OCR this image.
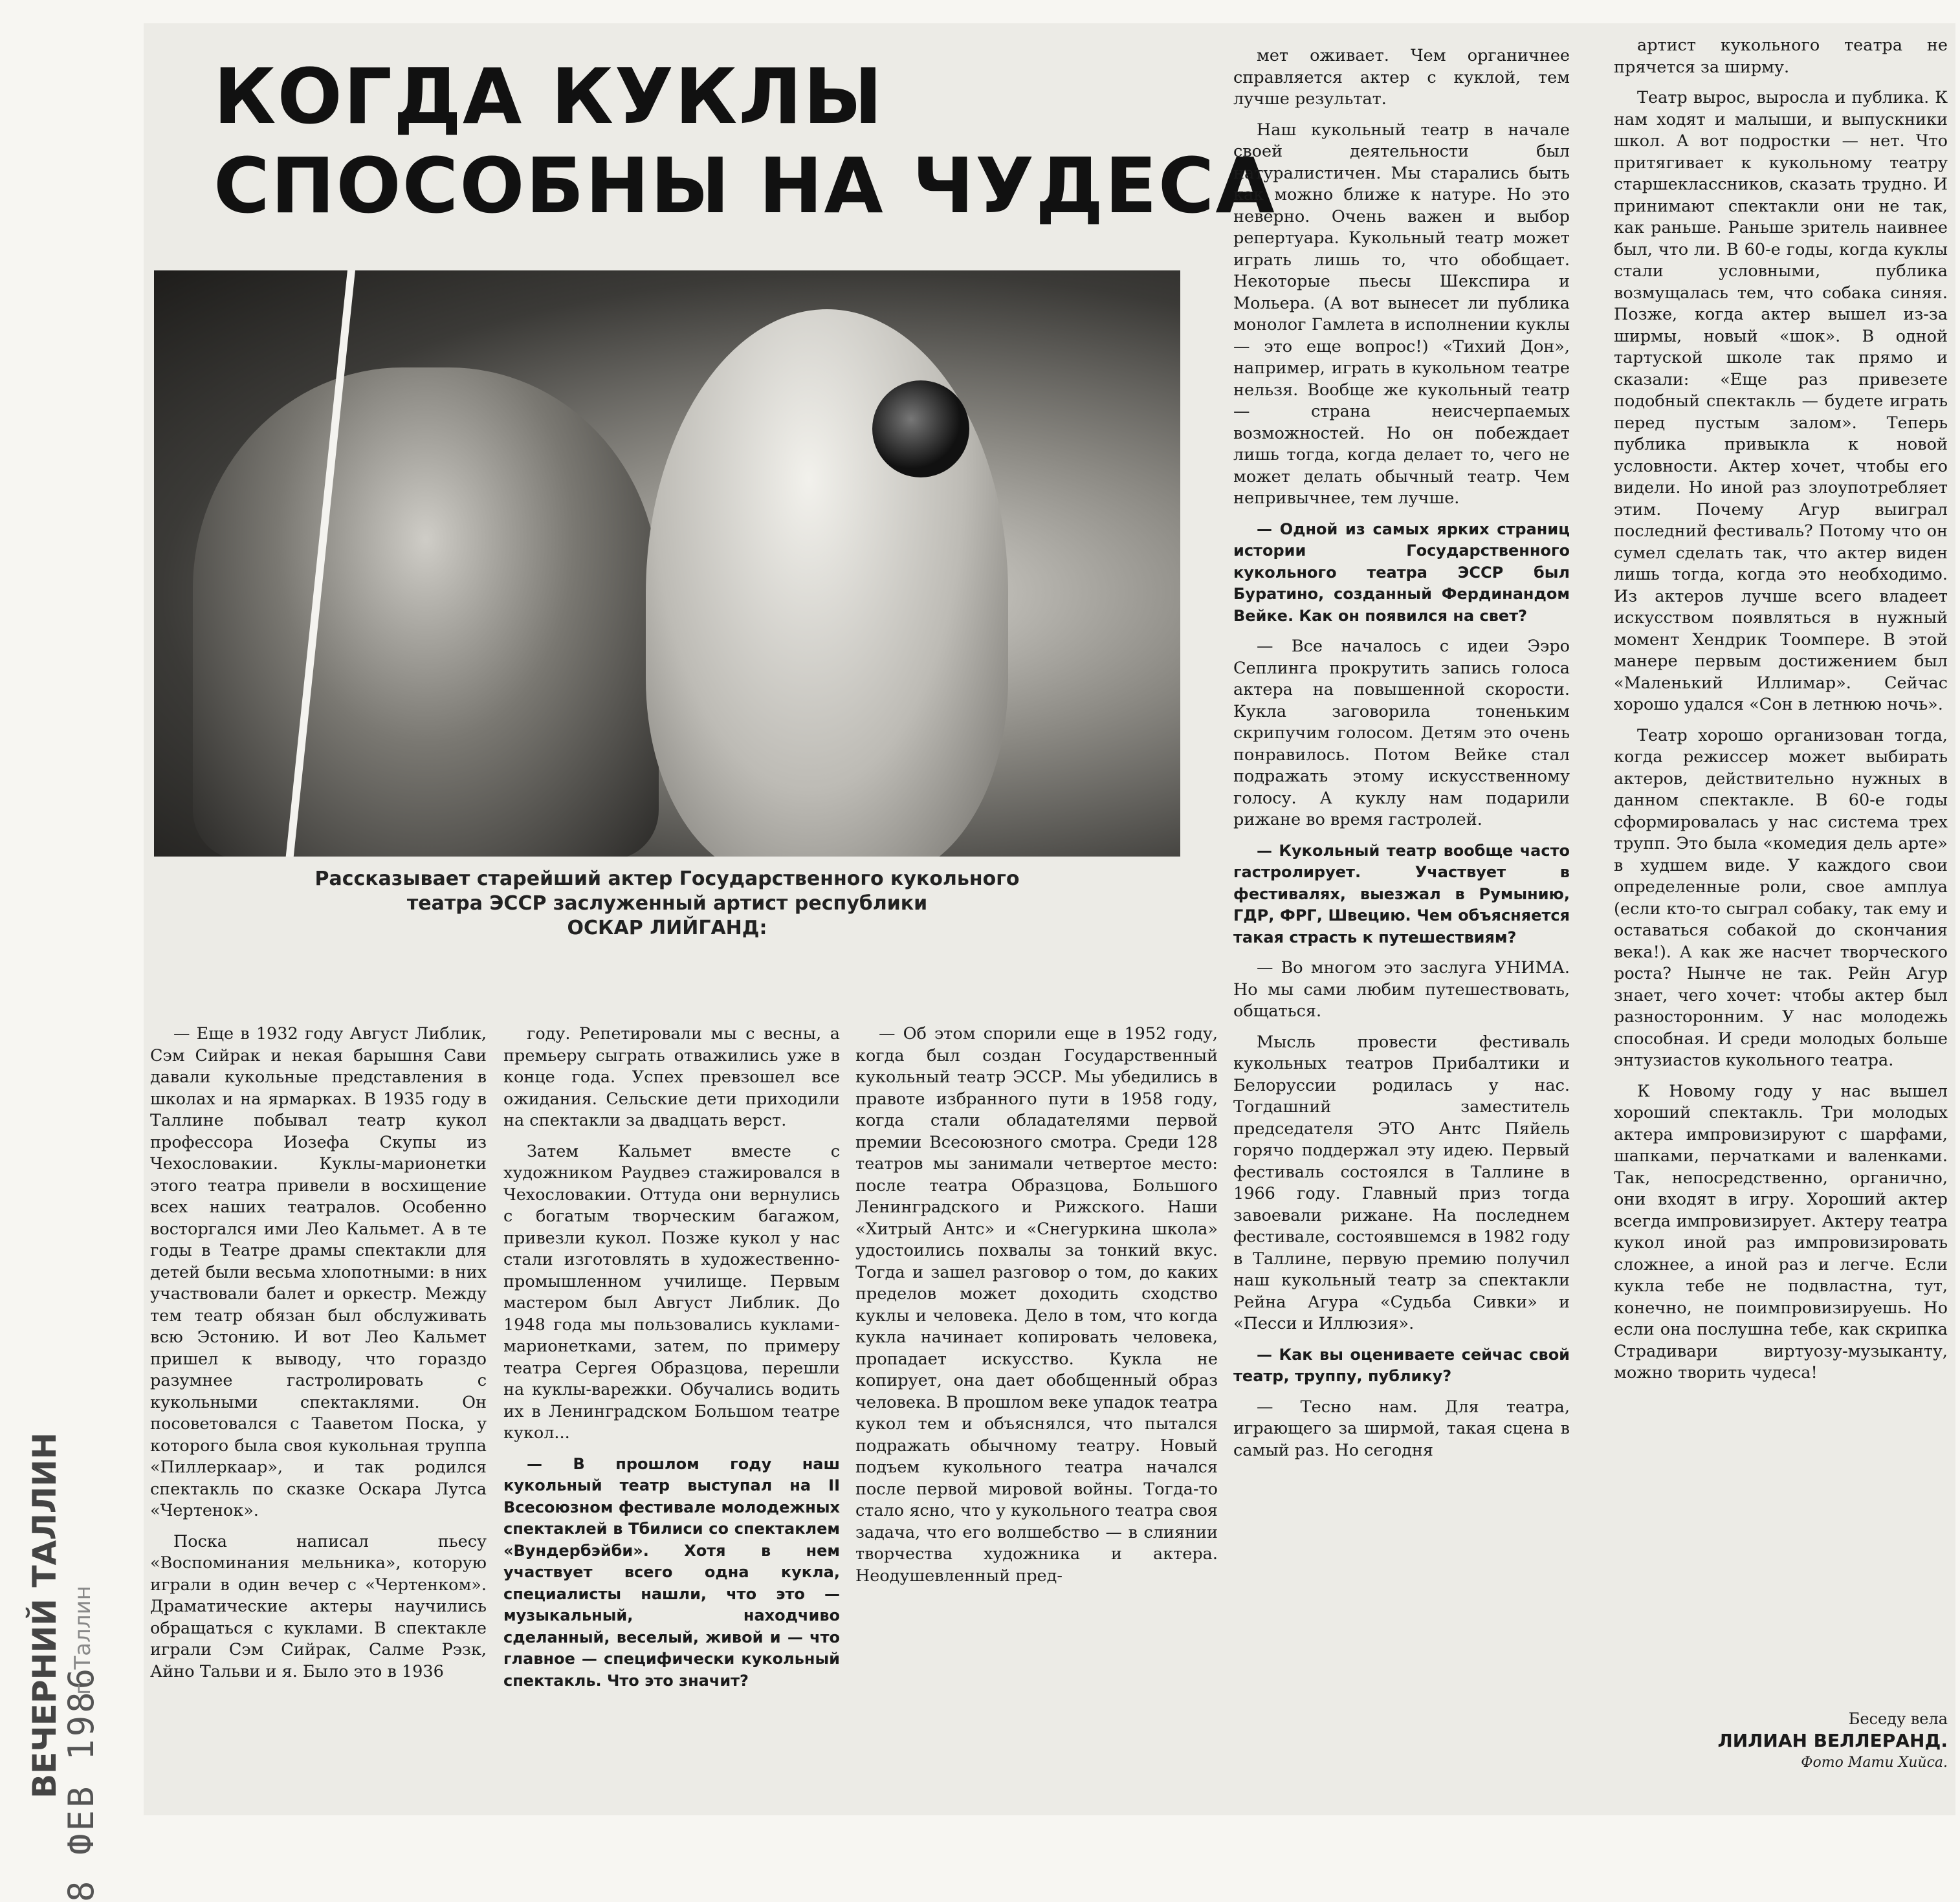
8 ФЕВ 1986
ВЕЧЕРНИЙ ТАЛЛИН г. Таллин
КОГДА КУКЛЫ
СПОСОБНЫ НА ЧУДЕСА
Рассказывает старейший актер Государственного кукольного
театра ЭССР заслуженный артист республики
ОСКАР ЛИЙГАНД:

— Еще в 1932 году Август Либлик, Сэм Сийрак и некая барышня Сави давали кукольные представления в школах и на ярмарках. В 1935 году в Таллине побывал театр кукол профессора Иозефа Скупы из Чехословакии. Куклы-марионетки этого театра привели в восхищение всех наших театралов. Особенно восторгался ими Лео Кальмет. А в те годы в Театре драмы спектакли для детей были весьма хлопотными: в них участвовали балет и оркестр. Между тем театр обязан был обслуживать всю Эстонию. И вот Лео Кальмет пришел к выводу, что гораздо разумнее гастролировать с кукольными спектаклями. Он посоветовался с Тааветом Поска, у которого была своя кукольная труппа «Пиллеркаар», и так родился спектакль по сказке Оскара Лутса «Чертенок».

Поска написал пьесу «Воспоминания мельника», которую играли в один вечер с «Чертенком». Драматические актеры научились обращаться с куклами. В спектакле играли Сэм Сийрак, Салме Рэзк, Айно Тальви и я. Было это в 1936

году. Репетировали мы с весны, а премьеру сыграть отважились уже в конце года. Успех превзошел все ожидания. Сельские дети приходили на спектакли за двадцать верст.

Затем Кальмет вместе с художником Раудвеэ стажировался в Чехословакии. Оттуда они вернулись с богатым творческим багажом, привезли кукол. Позже кукол у нас стали изготовлять в художественно-промышленном училище. Первым мастером был Август Либлик. До 1948 года мы пользовались куклами-марионетками, затем, по примеру театра Сергея Образцова, перешли на куклы-варежки. Обучались водить их в Ленинградском Большом театре кукол...

— В прошлом году наш кукольный театр выступал на II Всесоюзном фестивале молодежных спектаклей в Тбилиси со спектаклем «Вундербэйби». Хотя в нем участвует всего одна кукла, специалисты нашли, что это — музыкальный, находчиво сделанный, веселый, живой и — что главное — специфически кукольный спектакль. Что это значит?

— Об этом спорили еще в 1952 году, когда был создан Государственный кукольный театр ЭССР. Мы убедились в правоте избранного пути в 1958 году, когда стали обладателями первой премии Всесоюзного смотра. Среди 128 театров мы занимали четвертое место: после театра Образцова, Большого Ленинградского и Рижского. Наши «Хитрый Антс» и «Снегуркина школа» удостоились похвалы за тонкий вкус. Тогда и зашел разговор о том, до каких пределов может доходить сходство куклы и человека. Дело в том, что когда кукла начинает копировать человека, пропадает искусство. Кукла не копирует, она дает обобщенный образ человека. В прошлом веке упадок театра кукол тем и объяснялся, что пытался подражать обычному театру. Новый подъем кукольного театра начался после первой мировой войны. Тогда-то стало ясно, что у кукольного театра своя задача, что его волшебство — в слиянии творчества художника и актера. Неодушевленный пред-

мет оживает. Чем органичнее справляется актер с куклой, тем лучше результат.

Наш кукольный театр в начале своей деятельности был натуралистичен. Мы старались быть как можно ближе к натуре. Но это неверно. Очень важен и выбор репертуара. Кукольный театр может играть лишь то, что обобщает. Некоторые пьесы Шекспира и Мольера. (А вот вынесет ли публика монолог Гамлета в исполнении куклы — это еще вопрос!) «Тихий Дон», например, играть в кукольном театре нельзя. Вообще же кукольный театр — страна неисчерпаемых возможностей. Но он побеждает лишь тогда, когда делает то, чего не может делать обычный театр. Чем непривычнее, тем лучше.

— Одной из самых ярких страниц истории Государственного кукольного театра ЭССР был Буратино, созданный Фердинандом Вейке. Как он появился на свет?

— Все началось с идеи Ээро Сеплинга прокрутить запись голоса актера на повышенной скорости. Кукла заговорила тоненьким скрипучим голосом. Детям это очень понравилось. Потом Вейке стал подражать этому искусственному голосу. А куклу нам подарили рижане во время гастролей.

— Кукольный театр вообще часто гастролирует. Участвует в фестивалях, выезжал в Румынию, ГДР, ФРГ, Швецию. Чем объясняется такая страсть к путешествиям?

— Во многом это заслуга УНИМА. Но мы сами любим путешествовать, общаться.

Мысль провести фестиваль кукольных театров Прибалтики и Белоруссии родилась у нас. Тогдашний заместитель председателя ЭТО Антс Пяйель горячо поддержал эту идею. Первый фестиваль состоялся в Таллине в 1966 году. Главный приз тогда завоевали рижане. На последнем фестивале, состоявшемся в 1982 году в Таллине, первую премию получил наш кукольный театр за спектакли Рейна Агура «Судьба Сивки» и «Песси и Иллюзия».

— Как вы оцениваете сейчас свой театр, труппу, публику?

— Тесно нам. Для театра, играющего за ширмой, такая сцена в самый раз. Но сегодня

артист кукольного театра не прячется за ширму.

Театр вырос, выросла и публика. К нам ходят и малыши, и выпускники школ. А вот подростки — нет. Что притягивает к кукольному театру старшеклассников, сказать трудно. И принимают спектакли они не так, как раньше. Раньше зритель наивнее был, что ли. В 60-е годы, когда куклы стали условными, публика возмущалась тем, что собака синяя. Позже, когда актер вышел из-за ширмы, новый «шок». В одной тартуской школе так прямо и сказали: «Еще раз привезете подобный спектакль — будете играть перед пустым залом». Теперь публика привыкла к новой условности. Актер хочет, чтобы его видели. Но иной раз злоупотребляет этим. Почему Агур выиграл последний фестиваль? Потому что он сумел сделать так, что актер виден лишь тогда, когда это необходимо. Из актеров лучше всего владеет искусством появляться в нужный момент Хендрик Тоомпере. В этой манере первым достижением был «Маленький Иллимар». Сейчас хорошо удался «Сон в летнюю ночь».

Театр хорошо организован тогда, когда режиссер может выбирать актеров, действительно нужных в данном спектакле. В 60-е годы сформировалась у нас система трех трупп. Это была «комедия дель арте» в худшем виде. У каждого свои определенные роли, свое амплуа (если кто-то сыграл собаку, так ему и оставаться собакой до скончания века!). А как же насчет творческого роста? Нынче не так. Рейн Агур знает, чего хочет: чтобы актер был разносторонним. У нас молодежь способная. И среди молодых больше энтузиастов кукольного театра.

К Новому году у нас вышел хороший спектакль. Три молодых актера импровизируют с шарфами, шапками, перчатками и валенками. Так, непосредственно, органично, они входят в игру. Хороший актер всегда импровизирует. Актеру театра кукол иной раз импровизировать сложнее, а иной раз и легче. Если кукла тебе не подвластна, тут, конечно, не поимпровизируешь. Но если она послушна тебе, как скрипка Страдивари виртуозу-музыканту, можно творить чудеса!

Беседу вела
ЛИЛИАН ВЕЛЛЕРАНД.
Фото Мати Хийса.
